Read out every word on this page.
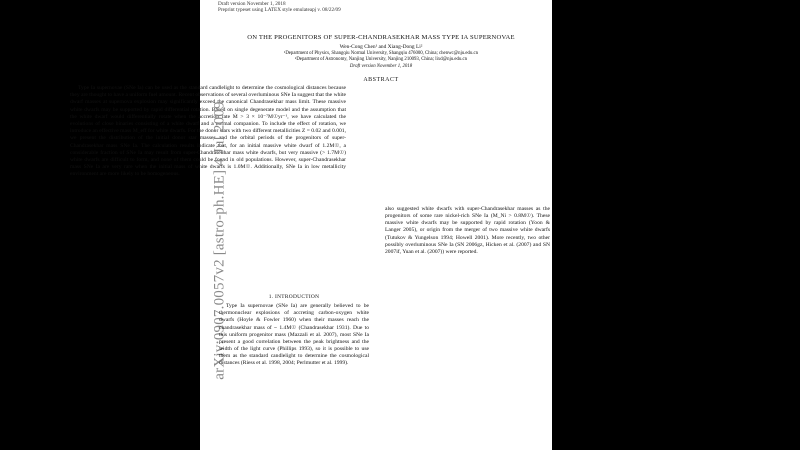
Draft version November 1, 2018
Preprint typeset using LATEX style emulateapj v. 08/22/09
ON THE PROGENITORS OF SUPER-CHANDRASEKHAR MASS TYPE IA SUPERNOVAE
Wen-Cong Chen¹ and Xiang-Dong Li²
¹Department of Physics, Shangqiu Normal University, Shangqiu 476000, China; chenwc@nju.edu.cn
²Department of Astronomy, Nanjing University, Nanjing 210093, China; lixd@nju.edu.cn
Draft version November 1, 2018
ABSTRACT

Type Ia supernovae (SNe Ia) can be used as the standard candlelight to determine the cosmological distances because they are thought to have a uniform fuel amount. Recent observations of several overluminous SNe Ia suggest that the white dwarf masses at supernova explosion may significantly exceed the canonical Chandrasekhar mass limit. These massive white dwarfs may be supported by rapid differential rotation. Based on single degenerate model and the assumption that the white dwarf would differentially rotate when the accretion rate Ṁ > 3 × 10⁻⁷M☉yr⁻¹, we have calculated the evolutions of close binaries consisting of a white dwarf and a normal companion. To include the effect of rotation, we introduce an effective mass M_eff for white dwarfs. For the donor stars with two different metallicities Z = 0.02 and 0.001, we present the distribution of the initial donor star masses and the orbital periods of the progenitors of super-Chandrasekhar mass SNe Ia. The calculation results indicate that, for an initial massive white dwarf of 1.2M☉, a considerable fraction of SNe Ia may result from super-Chandrasekhar mass white dwarfs, but very massive (> 1.7M☉) white dwarfs are difficult to form, and none of them could be found in old populations. However, super-Chandrasekhar mass SNe Ia are very rare when the initial mass of white dwarfs is 1.0M☉. Additionally, SNe Ia in low metallicity environment are more likely to be homogeneous.	arXiv:0907.0057v2 [astro-ph.HE] 4 Jul 2009	1. INTRODUCTION

Type Ia supernovae (SNe Ia) are generally believed to be thermonuclear explosions of accreting carbon-oxygen white dwarfs (Hoyle & Fowler 1960) when their masses reach the chandrasekhar mass of ~ 1.4M☉ (Chandrasekhar 1931). Due to this uniform progenitor mass (Mazzali et al. 2007), most SNe Ia present a good correlation between the peak brightness and the width of the light curve (Phillips 1993), so it is possible to use them as the standard candlelight to determine the cosmological distances (Riess et al. 1998, 2004; Perlmutter et al. 1999).

also suggested white dwarfs with super-Chandrasekhar masses as the progenitors of some rare nickel-rich SNe Ia (M_Ni > 0.8M☉). These massive white dwarfs may be supported by rapid rotation (Yoon & Langer 2005), or origin from the merger of two massive white dwarfs (Tutukov & Yungelson 1994; Howell 2001). More recently, two other possibly overluminous SNe Ia (SN 2006gz, Hicken et al. (2007) and SN 2007if, Yuan et al. (2007)) were reported.
